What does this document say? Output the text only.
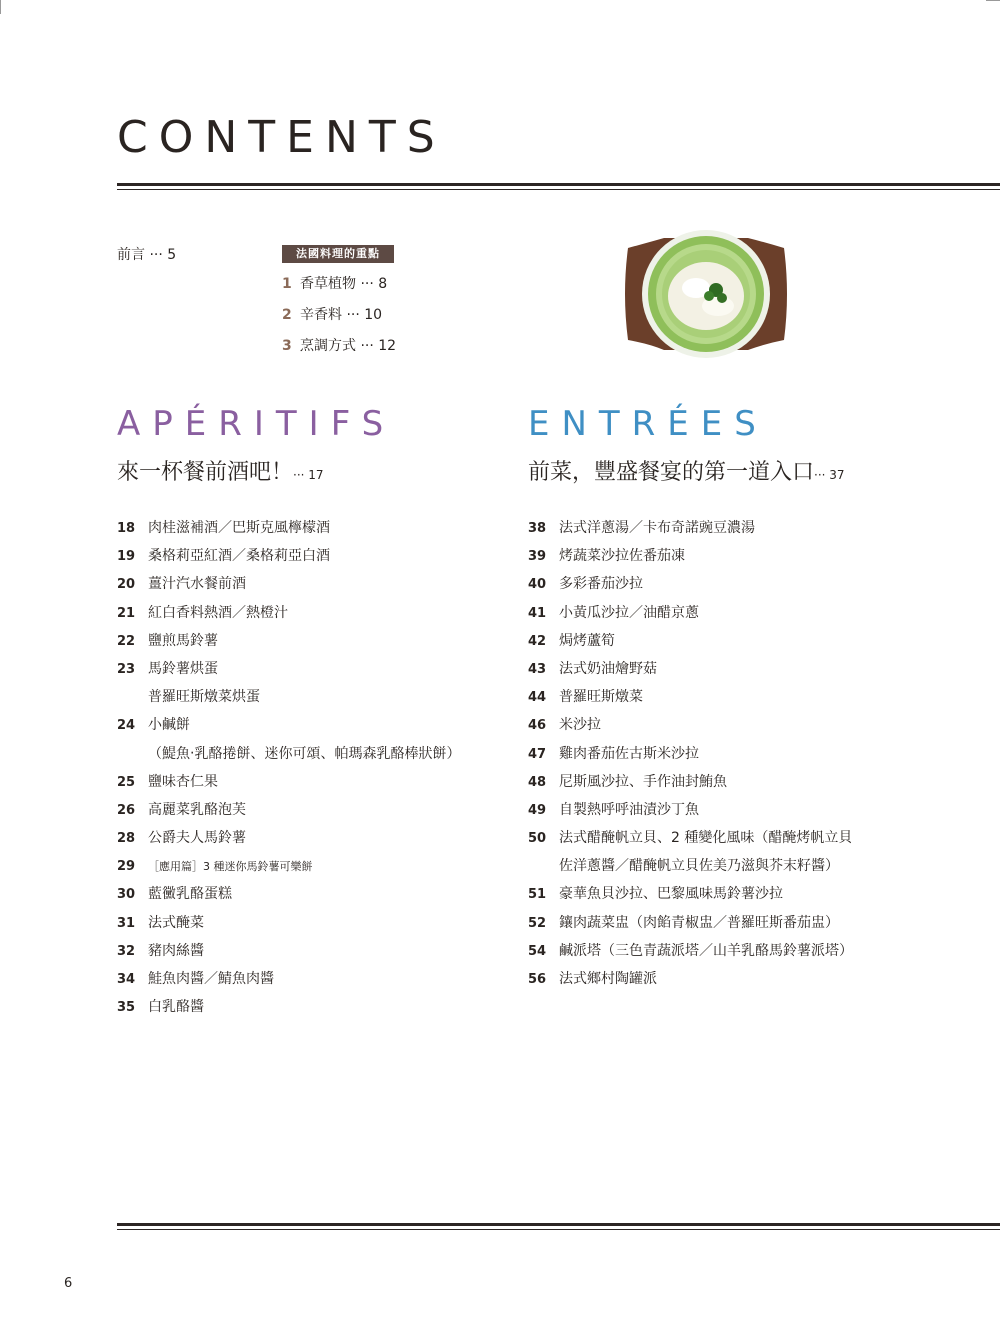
CONTENTS
前言 ··· 5	法國料理的重點
1 香草植物 ··· 8
2 辛香料 ··· 10
3 烹調方式 ··· 12
APÉRITIFS
來一杯餐前酒吧！··· 17
18 肉桂滋補酒／巴斯克風檸檬酒
19 桑格莉亞紅酒／桑格莉亞白酒
20 薑汁汽水餐前酒
21 紅白香料熱酒／熱橙汁
22 鹽煎馬鈴薯
23 馬鈴薯烘蛋
普羅旺斯燉菜烘蛋
24 小鹹餅
（鯷魚‧乳酪捲餅、迷你可頌、帕瑪森乳酪棒狀餅）
25 鹽味杏仁果
26 高麗菜乳酪泡芙
28 公爵夫人馬鈴薯
29 ［應用篇］3 種迷你馬鈴薯可樂餅
30 藍黴乳酪蛋糕
31 法式醃菜
32 豬肉絲醬
34 鮭魚肉醬／鯖魚肉醬
35 白乳酪醬
ENTRÉES
前菜，豐盛餐宴的第一道入口··· 37
38 法式洋蔥湯／卡布奇諾豌豆濃湯
39 烤蔬菜沙拉佐番茄凍
40 多彩番茄沙拉
41 小黃瓜沙拉／油醋京蔥
42 焗烤蘆筍
43 法式奶油燴野菇
44 普羅旺斯燉菜
46 米沙拉
47 雞肉番茄佐古斯米沙拉
48 尼斯風沙拉、手作油封鮪魚
49 自製熱呼呼油漬沙丁魚
50 法式醋醃帆立貝、2 種變化風味（醋醃烤帆立貝
佐洋蔥醬／醋醃帆立貝佐美乃滋與芥末籽醬）
51 豪華魚貝沙拉、巴黎風味馬鈴薯沙拉
52 鑲肉蔬菜盅（肉餡青椒盅／普羅旺斯番茄盅）
54 鹹派塔（三色青蔬派塔／山羊乳酪馬鈴薯派塔）
56 法式鄉村陶罐派
6
